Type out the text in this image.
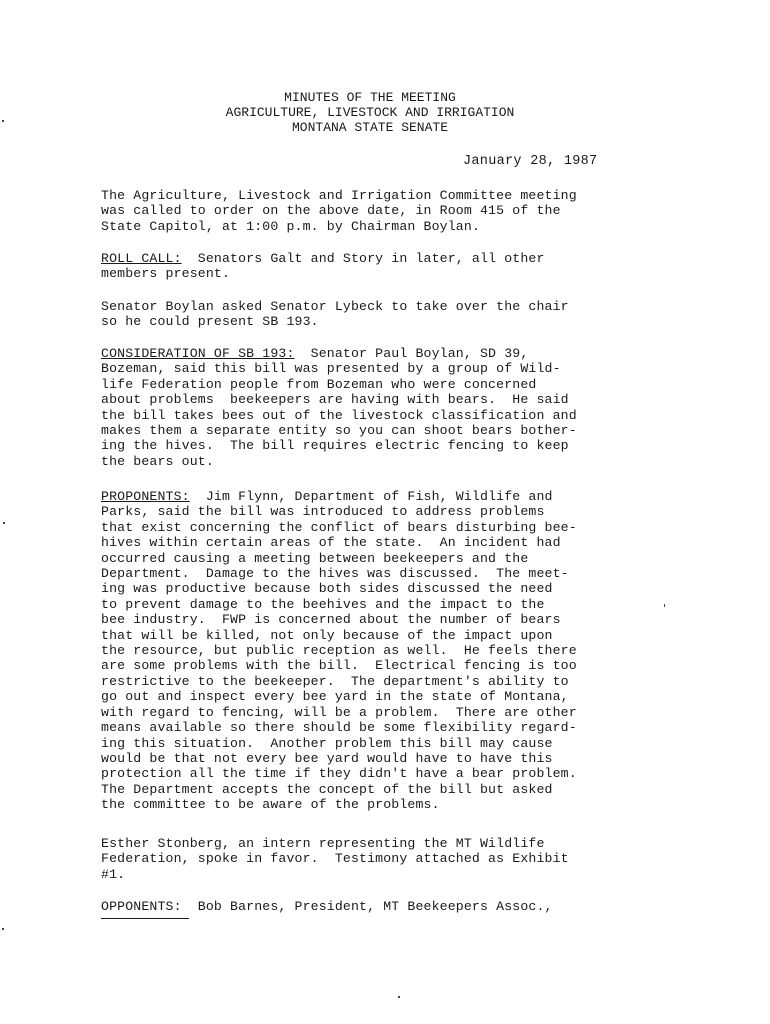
MINUTES OF THE MEETING
AGRICULTURE, LIVESTOCK AND IRRIGATION
MONTANA STATE SENATE
January 28, 1987
The Agriculture, Livestock and Irrigation Committee meeting
was called to order on the above date, in Room 415 of the
State Capitol, at 1:00 p.m. by Chairman Boylan.
ROLL CALL:  Senators Galt and Story in later, all other
members present.
Senator Boylan asked Senator Lybeck to take over the chair
so he could present SB 193.
CONSIDERATION OF SB 193:  Senator Paul Boylan, SD 39,
Bozeman, said this bill was presented by a group of Wild-
life Federation people from Bozeman who were concerned
about problems  beekeepers are having with bears.  He said
the bill takes bees out of the livestock classification and
makes them a separate entity so you can shoot bears bother-
ing the hives.  The bill requires electric fencing to keep
the bears out.
PROPONENTS:  Jim Flynn, Department of Fish, Wildlife and
Parks, said the bill was introduced to address problems
that exist concerning the conflict of bears disturbing bee-
hives within certain areas of the state.  An incident had
occurred causing a meeting between beekeepers and the
Department.  Damage to the hives was discussed.  The meet-
ing was productive because both sides discussed the need
to prevent damage to the beehives and the impact to the
bee industry.  FWP is concerned about the number of bears
that will be killed, not only because of the impact upon
the resource, but public reception as well.  He feels there
are some problems with the bill.  Electrical fencing is too
restrictive to the beekeeper.  The department's ability to
go out and inspect every bee yard in the state of Montana,
with regard to fencing, will be a problem.  There are other
means available so there should be some flexibility regard-
ing this situation.  Another problem this bill may cause
would be that not every bee yard would have to have this
protection all the time if they didn't have a bear problem.
The Department accepts the concept of the bill but asked
the committee to be aware of the problems.
Esther Stonberg, an intern representing the MT Wildlife
Federation, spoke in favor.  Testimony attached as Exhibit
#1.
OPPONENTS:  Bob Barnes, President, MT Beekeepers Assoc.,
